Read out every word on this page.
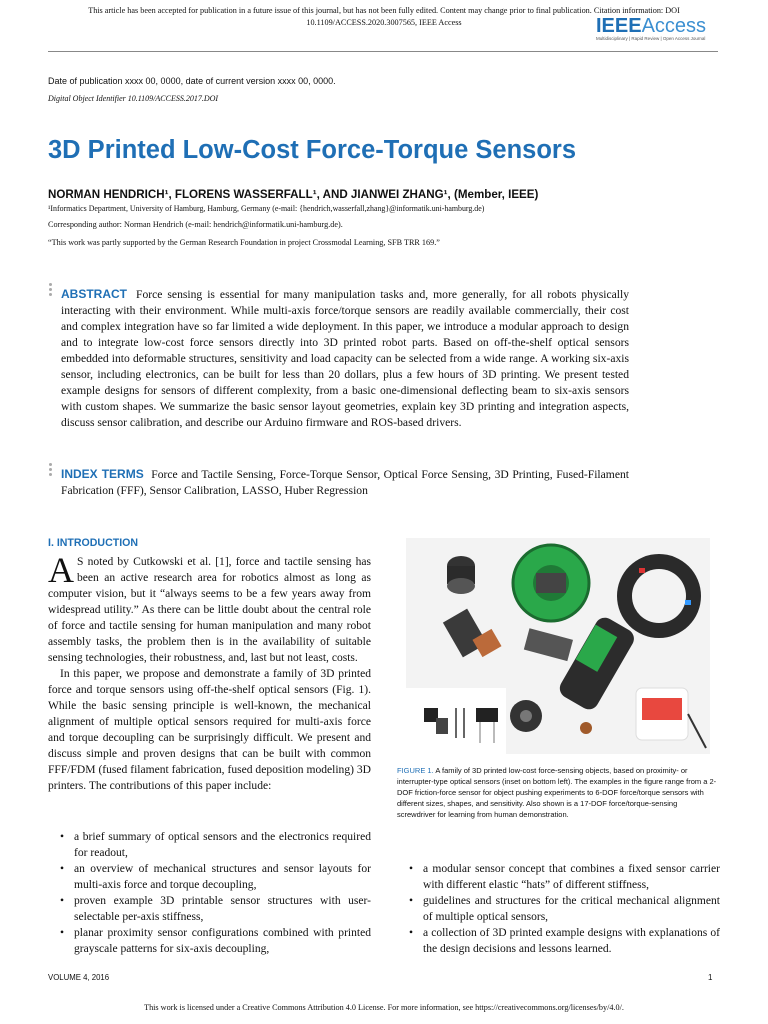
This article has been accepted for publication in a future issue of this journal, but has not been fully edited. Content may change prior to final publication. Citation information: DOI
10.1109/ACCESS.2020.3007565, IEEE Access	IEEEAccess
Multidisciplinary | Rapid Review | Open Access Journal
Date of publication xxxx 00, 0000, date of current version xxxx 00, 0000.
Digital Object Identifier 10.1109/ACCESS.2017.DOI
3D Printed Low-Cost Force-Torque Sensors
NORMAN HENDRICH¹, FLORENS WASSERFALL¹, AND JIANWEI ZHANG¹, (Member, IEEE)
¹Informatics Department, University of Hamburg, Hamburg, Germany (e-mail: {hendrich,wasserfall,zhang}@informatik.uni-hamburg.de)
Corresponding author: Norman Hendrich (e-mail: hendrich@informatik.uni-hamburg.de).
“This work was partly supported by the German Research Foundation in project Crossmodal Learning, SFB TRR 169.”
ABSTRACT Force sensing is essential for many manipulation tasks and, more generally, for all robots physically interacting with their environment. While multi-axis force/torque sensors are readily available commercially, their cost and complex integration have so far limited a wide deployment. In this paper, we introduce a modular approach to design and to integrate low-cost force sensors directly into 3D printed robot parts. Based on off-the-shelf optical sensors embedded into deformable structures, sensitivity and load capacity can be selected from a wide range. A working six-axis sensor, including electronics, can be built for less than 20 dollars, plus a few hours of 3D printing. We present tested example designs for sensors of different complexity, from a basic one-dimensional deflecting beam to six-axis sensors with custom shapes. We summarize the basic sensor layout geometries, explain key 3D printing and integration aspects, discuss sensor calibration, and describe our Arduino firmware and ROS-based drivers.
INDEX TERMS Force and Tactile Sensing, Force-Torque Sensor, Optical Force Sensing, 3D Printing, Fused-Filament Fabrication (FFF), Sensor Calibration, LASSO, Huber Regression
I. INTRODUCTION

A S noted by Cutkowski et al. [1], force and tactile sensing has been an active research area for robotics almost as long as computer vision, but it “always seems to be a few years away from widespread utility.” As there can be little doubt about the central role of force and tactile sensing for human manipulation and many robot assembly tasks, the problem then is in the availability of suitable sensing technologies, their robustness, and, last but not least, costs.

In this paper, we propose and demonstrate a family of 3D printed force and torque sensors using off-the-shelf optical sensors (Fig. 1). While the basic sensing principle is well-known, the mechanical alignment of multiple optical sensors required for multi-axis force and torque decoupling can be surprisingly difficult. We present and discuss simple and proven designs that can be built with common FFF/FDM (fused filament fabrication, fused deposition modeling) 3D printers. The contributions of this paper include:

• a brief summary of optical sensors and the electronics required for readout,
• an overview of mechanical structures and sensor layouts for multi-axis force and torque decoupling,
• proven example 3D printable sensor structures with user-selectable per-axis stiffness,
• planar proximity sensor configurations combined with printed grayscale patterns for six-axis decoupling,
FIGURE 1. A family of 3D printed low-cost force-sensing objects, based on proximity- or interrupter-type optical sensors (inset on bottom left). The examples in the figure range from a 2-DOF friction-force sensor for object pushing experiments to 6-DOF force/torque sensors with different sizes, shapes, and sensitivity. Also shown is a 17-DOF force/torque-sensing screwdriver for learning from human demonstration.
• a modular sensor concept that combines a fixed sensor carrier with different elastic “hats” of different stiffness,
• guidelines and structures for the critical mechanical alignment of multiple optical sensors,
• a collection of 3D printed example designs with explanations of the design decisions and lessons learned.
VOLUME 4, 2016	1
This work is licensed under a Creative Commons Attribution 4.0 License. For more information, see https://creativecommons.org/licenses/by/4.0/.
